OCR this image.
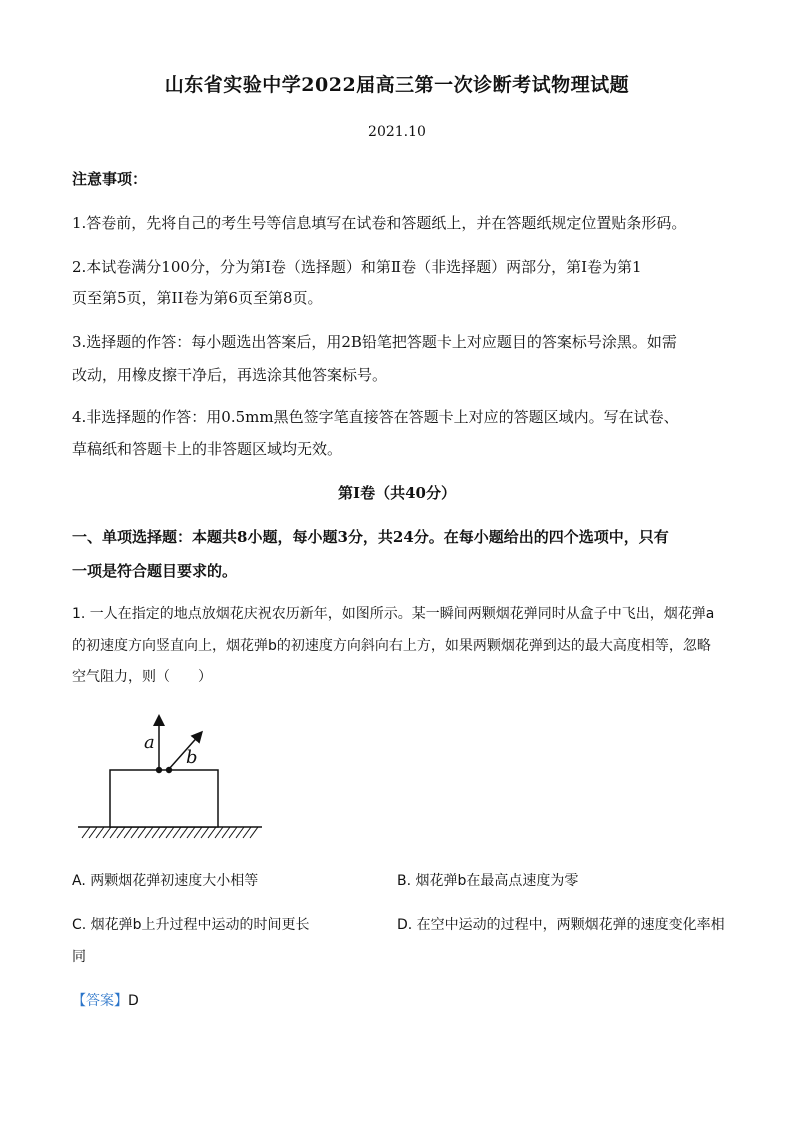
山东省实验中学2022届高三第一次诊断考试物理试题
2021.10
注意事项：
1.答卷前，先将自己的考生号等信息填写在试卷和答题纸上，并在答题纸规定位置贴条形码。
2.本试卷满分100分，分为第Ⅰ卷（选择题）和第Ⅱ卷（非选择题）两部分，第Ⅰ卷为第1
页至第5页，第II卷为第6页至第8页。
3.选择题的作答：每小题选出答案后，用2B铅笔把答题卡上对应题目的答案标号涂黑。如需
改动，用橡皮擦干净后，再选涂其他答案标号。
4.非选择题的作答：用0.5mm黑色签字笔直接答在答题卡上对应的答题区域内。写在试卷、
草稿纸和答题卡上的非答题区域均无效。
第Ⅰ卷（共40分）
一、单项选择题：本题共8小题，每小题3分，共24分。在每小题给出的四个选项中，只有
一项是符合题目要求的。
1. 一人在指定的地点放烟花庆祝农历新年，如图所示。某一瞬间两颗烟花弹同时从盒子中飞出，烟花弹a
的初速度方向竖直向上，烟花弹b的初速度方向斜向右上方，如果两颗烟花弹到达的最大高度相等，忽略
空气阻力，则（　　）
a
b
A. 两颗烟花弹初速度大小相等	B. 烟花弹b在最高点速度为零
C. 烟花弹b上升过程中运动的时间更长	D. 在空中运动的过程中，两颗烟花弹的速度变化率相
同
【答案】D
